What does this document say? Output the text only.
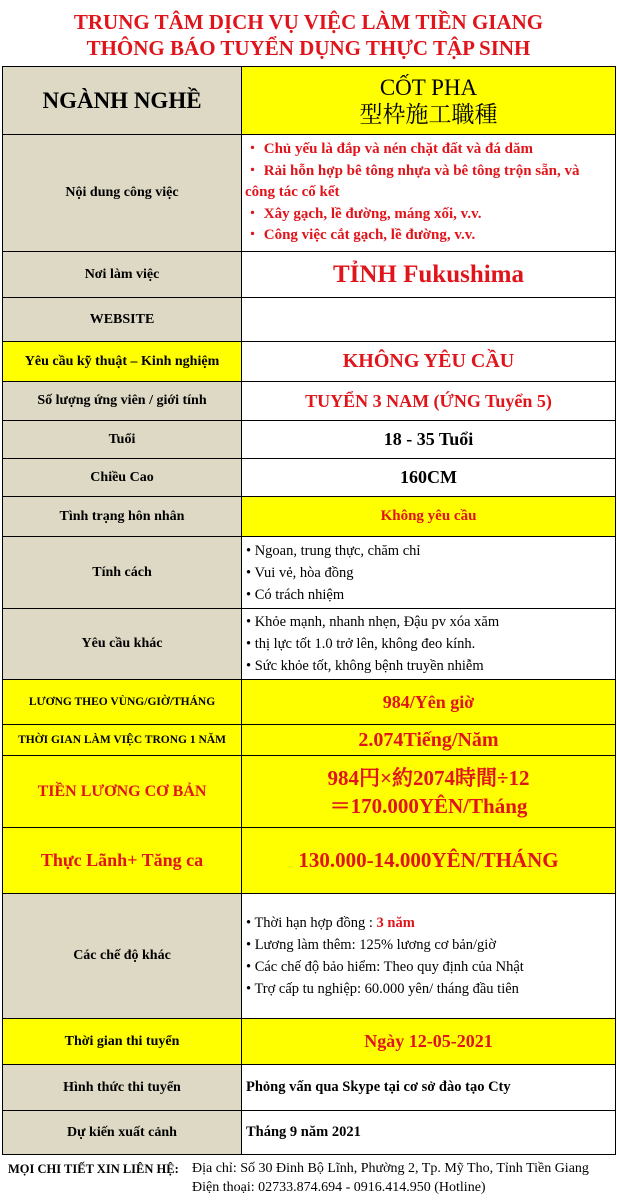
TRUNG TÂM DỊCH VỤ VIỆC LÀM TIỀN GIANG
THÔNG BÁO TUYỂN DỤNG THỰC TẬP SINH
NGÀNH NGHỀ	CỐT PHA
型枠施工職種

Nội dung công việc	・ Chủ yếu là đắp và nén chặt đất và đá dăm
・ Rải hỗn hợp bê tông nhựa và bê tông trộn sẵn, và công tác cố kết
・ Xây gạch, lề đường, máng xối, v.v.
・ Công việc cắt gạch, lề đường, v.v.

Nơi làm việc	TỈNH Fukushima
WEBSITE	
Yêu cầu kỹ thuật – Kinh nghiệm	KHÔNG YÊU CẦU
Số lượng ứng viên / giới tính	TUYỂN 3 NAM (ỨNG Tuyển 5)
Tuổi	18 - 35 Tuổi
Chiều Cao	160CM
Tình trạng hôn nhân	Không yêu cầu
Tính cách	• Ngoan, trung thực, chăm chỉ
• Vui vẻ, hòa đồng
• Có trách nhiệm

Yêu cầu khác	• Khỏe mạnh, nhanh nhẹn, Đậu pv xóa xăm
• thị lực tốt 1.0 trở lên, không đeo kính.
• Sức khỏe tốt, không bệnh truyền nhiễm

LƯƠNG THEO VÙNG/GIỜ/THÁNG	984/Yên giờ
THỜI GIAN LÀM VIỆC TRONG 1 NĂM	2.074Tiếng/Năm
TIỀN LƯƠNG CƠ BẢN	984円×約2074時間÷12
＝170.000YÊN/Tháng

Thực Lãnh+ Tăng ca	130.000-14.000YÊN/THÁNG
Các chế độ khác	• Thời hạn hợp đồng : 3 năm
• Lương làm thêm: 125% lương cơ bản/giờ
• Các chế độ bảo hiểm: Theo quy định của Nhật
• Trợ cấp tu nghiệp: 60.000 yên/ tháng đầu tiên

Thời gian thi tuyển	Ngày 12-05-2021
Hình thức thi tuyển	Phỏng vấn qua Skype tại cơ sở đào tạo Cty
Dự kiến xuất cảnh	Tháng 9 năm 2021
MỌI CHI TIẾT XIN LIÊN HỆ: Địa chỉ: Số 30 Đinh Bộ Lĩnh, Phường 2, Tp. Mỹ Tho, Tỉnh Tiền Giang
Điện thoại: 02733.874.694 - 0916.414.950 (Hotline)
